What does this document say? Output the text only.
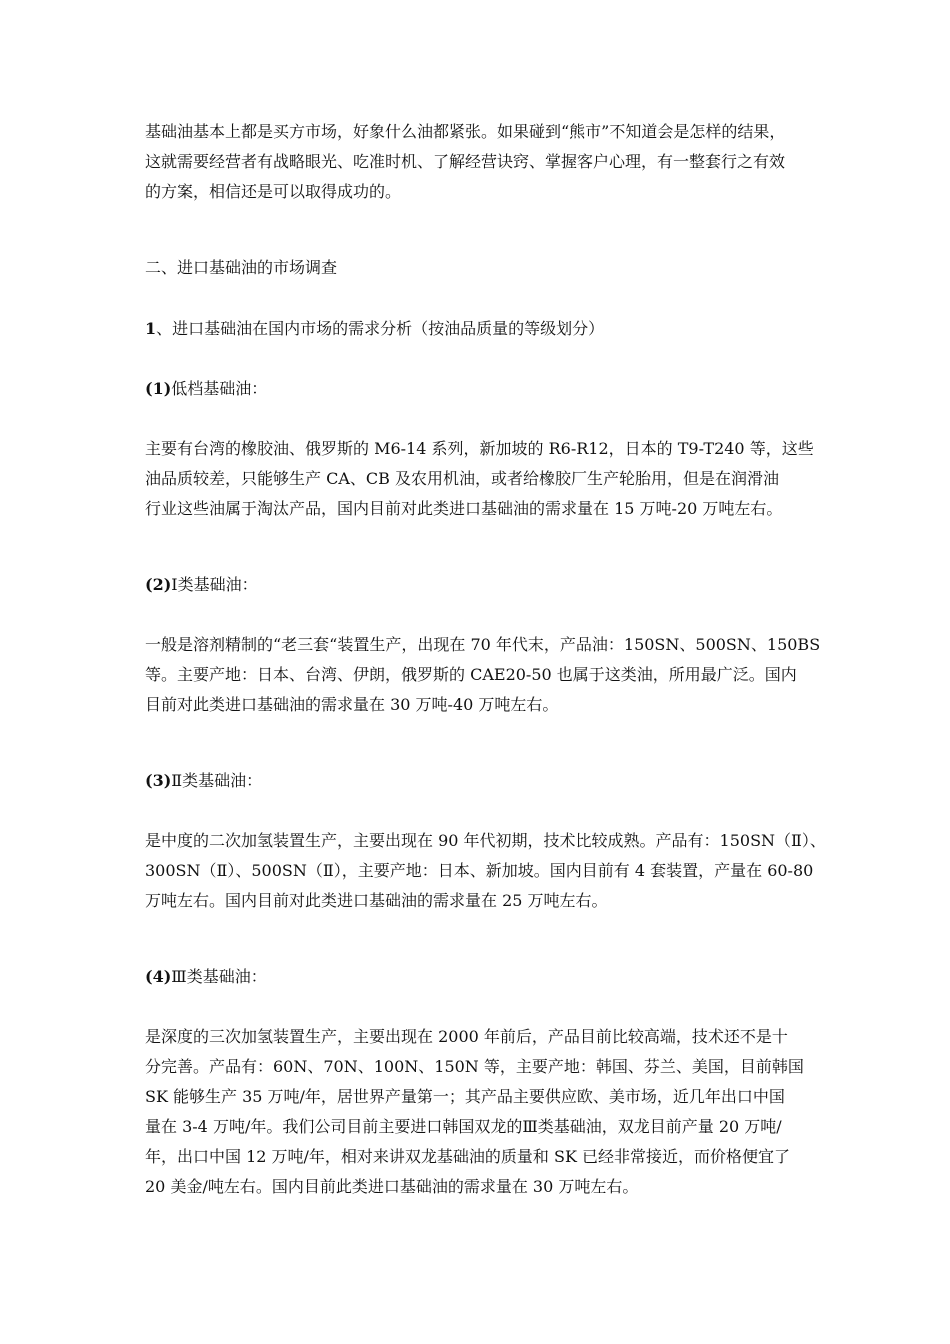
基础油基本上都是买方市场，好象什么油都紧张。如果碰到“熊市”不知道会是怎样的结果，
这就需要经营者有战略眼光、吃准时机、了解经营诀窍、掌握客户心理，有一整套行之有效
的方案，相信还是可以取得成功的。
二、进口基础油的市场调查
1、进口基础油在国内市场的需求分析（按油品质量的等级划分）
(1)低档基础油：
主要有台湾的橡胶油、俄罗斯的 M6-14 系列，新加坡的 R6-R12，日本的 T9-T240 等，这些
油品质较差，只能够生产 CA、CB 及农用机油，或者给橡胶厂生产轮胎用，但是在润滑油
行业这些油属于淘汰产品，国内目前对此类进口基础油的需求量在 15 万吨-20 万吨左右。
(2)Ⅰ类基础油：
一般是溶剂精制的“老三套“装置生产，出现在 70 年代末，产品油：150SN、500SN、150BS
等。主要产地：日本、台湾、伊朗，俄罗斯的 CAE20-50 也属于这类油，所用最广泛。国内
目前对此类进口基础油的需求量在 30 万吨-40 万吨左右。
(3)Ⅱ类基础油：
是中度的二次加氢装置生产，主要出现在 90 年代初期，技术比较成熟。产品有：150SN（Ⅱ）、
300SN（Ⅱ）、500SN（Ⅱ），主要产地：日本、新加坡。国内目前有 4 套装置，产量在 60-80
万吨左右。国内目前对此类进口基础油的需求量在 25 万吨左右。
(4)Ⅲ类基础油：
是深度的三次加氢装置生产，主要出现在 2000 年前后，产品目前比较高端，技术还不是十
分完善。产品有：60N、70N、100N、150N 等，主要产地：韩国、芬兰、美国，目前韩国
SK 能够生产 35 万吨/年，居世界产量第一；其产品主要供应欧、美市场，近几年出口中国
量在 3-4 万吨/年。我们公司目前主要进口韩国双龙的Ⅲ类基础油，双龙目前产量 20 万吨/
年，出口中国 12 万吨/年，相对来讲双龙基础油的质量和 SK 已经非常接近，而价格便宜了
20 美金/吨左右。国内目前此类进口基础油的需求量在 30 万吨左右。
